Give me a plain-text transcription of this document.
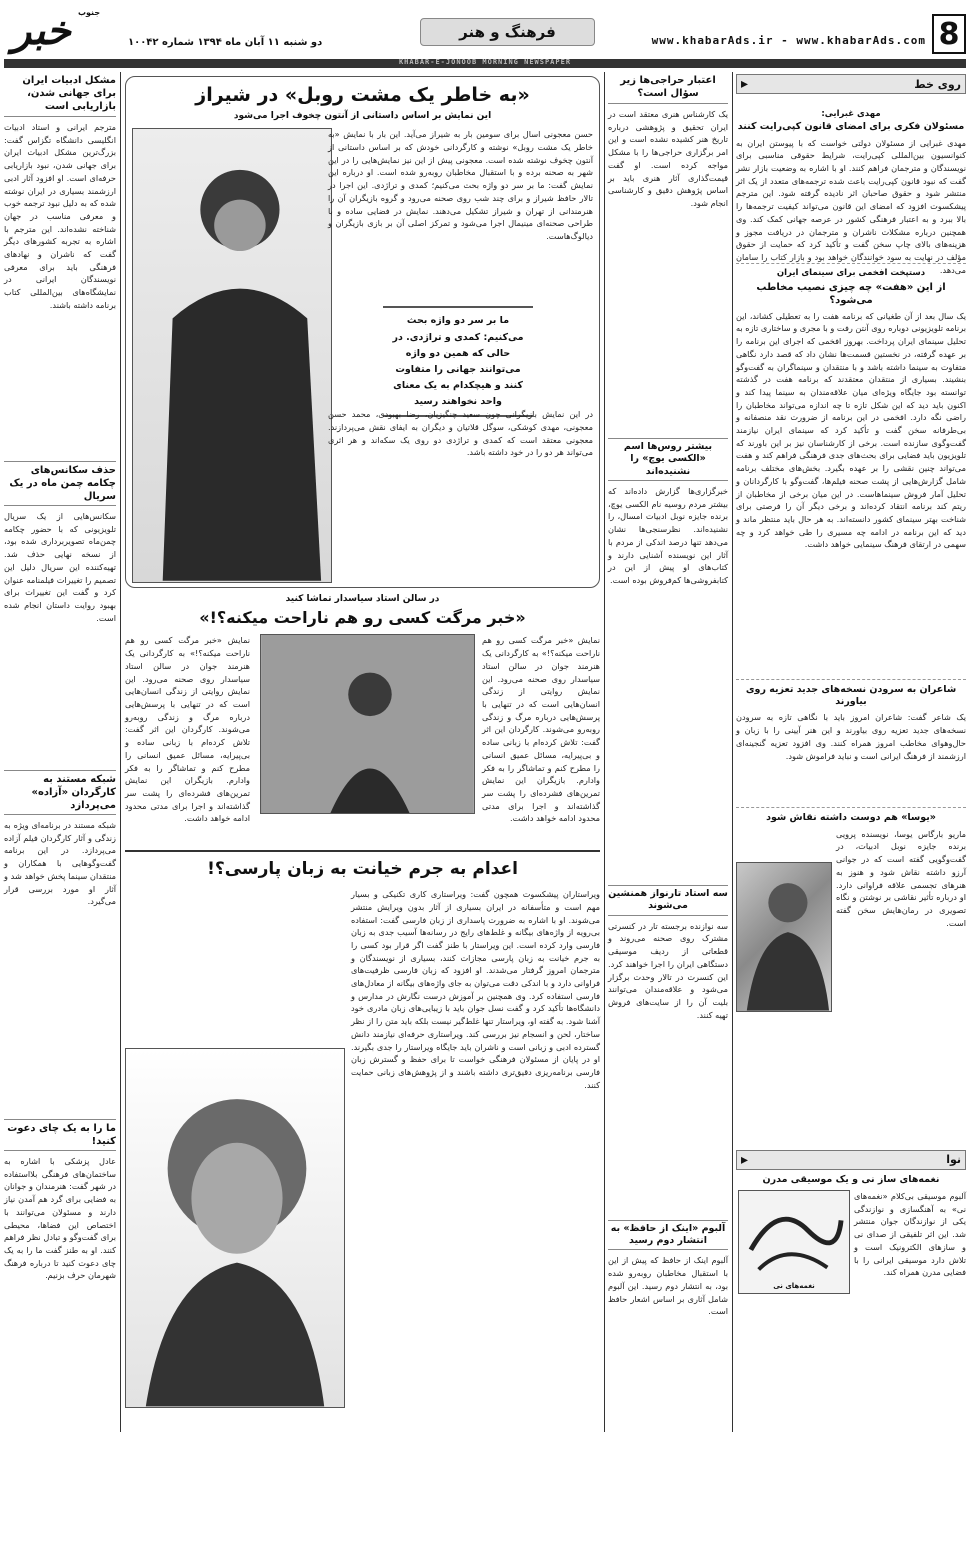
8
www.khabarAds.ir - www.khabarAds.com
فرهنگ و هنر
خبر جنوب
دو شنبه ۱۱ آبان ماه ۱۳۹۴ شماره ۱۰۰۴۲
KHABAR-E-JONOOB MORNING NEWSPAPER
روی خط
▸
مهدی غبرایی:
مسئولان فکری برای امضای قانون کپی‌رایت کنند
مهدی غبرایی از مسئولان دولتی خواست که با پیوستن ایران به کنوانسیون بین‌المللی کپی‌رایت، شرایط حقوقی مناسبی برای نویسندگان و مترجمان فراهم کنند. او با اشاره به وضعیت بازار نشر گفت که نبود قانون کپی‌رایت باعث شده ترجمه‌های متعدد از یک اثر منتشر شود و حقوق صاحبان اثر نادیده گرفته شود. این مترجم پیشکسوت افزود که امضای این قانون می‌تواند کیفیت ترجمه‌ها را بالا ببرد و به اعتبار فرهنگی کشور در عرصه جهانی کمک کند. وی همچنین درباره مشکلات ناشران و مترجمان در دریافت مجوز و هزینه‌های بالای چاپ سخن گفت و تأکید کرد که حمایت از حقوق مؤلف در نهایت به سود خوانندگان خواهد بود و بازار کتاب را سامان می‌دهد.
دستپخت افخمی برای سینمای ایران
از این «هفت» چه چیزی نصیب مخاطب می‌شود؟
یک سال بعد از آن طغیانی که برنامه هفت را به تعطیلی کشاند، این برنامه تلویزیونی دوباره روی آنتن رفت و با مجری و ساختاری تازه به تحلیل سینمای ایران پرداخت. بهروز افخمی که اجرای این برنامه را بر عهده گرفته، در نخستین قسمت‌ها نشان داد که قصد دارد نگاهی متفاوت به سینما داشته باشد و با منتقدان و سینماگران به گفت‌وگو بنشیند. بسیاری از منتقدان معتقدند که برنامه هفت در گذشته توانسته بود جایگاه ویژه‌ای میان علاقه‌مندان به سینما پیدا کند و اکنون باید دید که این شکل تازه تا چه اندازه می‌تواند مخاطبان را راضی نگه دارد. افخمی در این برنامه از ضرورت نقد منصفانه و بی‌طرفانه سخن گفت و تأکید کرد که سینمای ایران نیازمند گفت‌وگوی سازنده است. برخی از کارشناسان نیز بر این باورند که تلویزیون باید فضایی برای بحث‌های جدی فرهنگی فراهم کند و هفت می‌تواند چنین نقشی را بر عهده بگیرد. بخش‌های مختلف برنامه شامل گزارش‌هایی از پشت صحنه فیلم‌ها، گفت‌وگو با کارگردانان و تحلیل آمار فروش سینماهاست. در این میان برخی از مخاطبان از ریتم کند برنامه انتقاد کرده‌اند و برخی دیگر آن را فرصتی برای شناخت بهتر سینمای کشور دانسته‌اند. به هر حال باید منتظر ماند و دید که این برنامه در ادامه چه مسیری را طی خواهد کرد و چه سهمی در ارتقای فرهنگ سینمایی خواهد داشت.
شاعران به سرودن نسخه‌های جدید تعزیه روی بیاورند
یک شاعر گفت: شاعران امروز باید با نگاهی تازه به سرودن نسخه‌های جدید تعزیه روی بیاورند و این هنر آیینی را با زبان و حال‌وهوای مخاطب امروز همراه کنند. وی افزود تعزیه گنجینه‌ای ارزشمند از فرهنگ ایرانی است و نباید فراموش شود.
«یوسا» هم دوست داشته نقاش شود
ماریو بارگاس یوسا، نویسنده پرویی برنده جایزه نوبل ادبیات، در گفت‌وگویی گفته است که در جوانی آرزو داشته نقاش شود و هنوز به هنرهای تجسمی علاقه فراوانی دارد. او درباره تأثیر نقاشی بر نوشتن و نگاه تصویری در رمان‌هایش سخن گفته است.
نوا
▸
نغمه‌های ساز نی و یک موسیقی مدرن
نغمه‌های نی
آلبوم موسیقی بی‌کلام «نغمه‌های نی» به آهنگسازی و نوازندگی یکی از نوازندگان جوان منتشر شد. این اثر تلفیقی از صدای نی و سازهای الکترونیک است و تلاش دارد موسیقی ایرانی را با فضایی مدرن همراه کند.
اعتبار حراجی‌ها زیر سؤال است؟
یک کارشناس هنری معتقد است در ایران تحقیق و پژوهشی درباره تاریخ هنر کشیده نشده است و این امر برگزاری حراجی‌ها را با مشکل مواجه کرده است. او گفت قیمت‌گذاری آثار هنری باید بر اساس پژوهش دقیق و کارشناسی انجام شود.
بیشتر روس‌ها اسم «الکسی یوچ» را نشنیده‌اند
خبرگزاری‌ها گزارش داده‌اند که بیشتر مردم روسیه نام الکسی یوچ، برنده جایزه نوبل ادبیات امسال، را نشنیده‌اند. نظرسنجی‌ها نشان می‌دهد تنها درصد اندکی از مردم با آثار این نویسنده آشنایی دارند و کتاب‌های او پیش از این در کتابفروشی‌ها کم‌فروش بوده است.
سه استاد تارنواز همنشین می‌شوند
سه نوازنده برجسته تار در کنسرتی مشترک روی صحنه می‌روند و قطعاتی از ردیف موسیقی دستگاهی ایران را اجرا خواهند کرد. این کنسرت در تالار وحدت برگزار می‌شود و علاقه‌مندان می‌توانند بلیت آن را از سایت‌های فروش تهیه کنند.
آلبوم «اینک از حافظ» به انتشار دوم رسید
آلبوم اینک از حافظ که پیش از این با استقبال مخاطبان روبه‌رو شده بود، به انتشار دوم رسید. این آلبوم شامل آثاری بر اساس اشعار حافظ است.
«به خاطر یک مشت روبل» در شیراز
این نمایش بر اساس داستانی از آنتون چخوف اجرا می‌شود
حسن معجونی اسال برای سومین بار به شیراز می‌آید. این بار با نمایش «به خاطر یک مشت روبل» نوشته و کارگردانی خودش که بر اساس داستانی از آنتون چخوف نوشته شده است. معجونی پیش از این نیز نمایش‌هایی را در این شهر به صحنه برده و با استقبال مخاطبان روبه‌رو شده است. او درباره این نمایش گفت: ما بر سر دو واژه بحث می‌کنیم؛ کمدی و تراژدی. این اجرا در تالار حافظ شیراز و برای چند شب روی صحنه می‌رود و گروه بازیگران آن را هنرمندانی از تهران و شیراز تشکیل می‌دهند. نمایش در فضایی ساده و با طراحی صحنه‌ای مینیمال اجرا می‌شود و تمرکز اصلی آن بر بازی بازیگران و دیالوگ‌هاست.
ما بر سر دو واژه بحث می‌کنیم: کمدی و تراژدی. در حالی که همین دو واژه می‌توانند جهانی را متفاوت کنند و هیچکدام به یک معنای واحد نخواهند رسید
در این نمایش بازیگرانی چون سعید چنگیزیان، رضا بهبودی، محمد حسن معجونی، مهدی کوشکی، سوگل قلاتیان و دیگران به ایفای نقش می‌پردازند. معجونی معتقد است که کمدی و تراژدی دو روی یک سکه‌اند و هر اثری می‌تواند هر دو را در خود داشته باشد.
در سالن استاد سیاسدار تماشا کنید
«خبر مرگت کسی رو هم ناراحت میکنه؟!»
نمایش «خبر مرگت کسی رو هم ناراحت میکنه؟!» به کارگردانی یک هنرمند جوان در سالن استاد سیاسدار روی صحنه می‌رود. این نمایش روایتی از زندگی انسان‌هایی است که در تنهایی با پرسش‌هایی درباره مرگ و زندگی روبه‌رو می‌شوند. کارگردان این اثر گفت: تلاش کرده‌ام با زبانی ساده و بی‌پیرایه، مسائل عمیق انسانی را مطرح کنم و تماشاگر را به فکر وادارم. بازیگران این نمایش تمرین‌های فشرده‌ای را پشت سر گذاشته‌اند و اجرا برای مدتی محدود ادامه خواهد داشت.
نمایش «خبر مرگت کسی رو هم ناراحت میکنه؟!» به کارگردانی یک هنرمند جوان در سالن استاد سیاسدار روی صحنه می‌رود. این نمایش روایتی از زندگی انسان‌هایی است که در تنهایی با پرسش‌هایی درباره مرگ و زندگی روبه‌رو می‌شوند. کارگردان این اثر گفت: تلاش کرده‌ام با زبانی ساده و بی‌پیرایه، مسائل عمیق انسانی را مطرح کنم و تماشاگر را به فکر وادارم. بازیگران این نمایش تمرین‌های فشرده‌ای را پشت سر گذاشته‌اند و اجرا برای مدتی محدود ادامه خواهد داشت.
اعدام به جرم خیانت به زبان پارسی؟!
ویراستاران پیشکسوت همچون گفت: ویراستاری کاری تکنیکی و بسیار مهم است و متأسفانه در ایران بسیاری از آثار بدون ویرایش منتشر می‌شوند. او با اشاره به ضرورت پاسداری از زبان فارسی گفت: استفاده بی‌رویه از واژه‌های بیگانه و غلط‌های رایج در رسانه‌ها آسیب جدی به زبان فارسی وارد کرده است. این ویراستار با طنز گفت اگر قرار بود کسی را به جرم خیانت به زبان پارسی مجازات کنند، بسیاری از نویسندگان و مترجمان امروز گرفتار می‌شدند. او افزود که زبان فارسی ظرفیت‌های فراوانی دارد و با اندکی دقت می‌توان به جای واژه‌های بیگانه از معادل‌های فارسی استفاده کرد. وی همچنین بر آموزش درست نگارش در مدارس و دانشگاه‌ها تأکید کرد و گفت نسل جوان باید با زیبایی‌های زبان مادری خود آشنا شود. به گفته او، ویراستار تنها غلط‌گیر نیست بلکه باید متن را از نظر ساختار، لحن و انسجام نیز بررسی کند. ویراستاری حرفه‌ای نیازمند دانش گسترده ادبی و زبانی است و ناشران باید جایگاه ویراستار را جدی بگیرند. او در پایان از مسئولان فرهنگی خواست تا برای حفظ و گسترش زبان فارسی برنامه‌ریزی دقیق‌تری داشته باشند و از پژوهش‌های زبانی حمایت کنند.
مشکل ادبیات ایران برای جهانی شدن، بازاریابی است
مترجم ایرانی و استاد ادبیات انگلیسی دانشگاه تگزاس گفت: بزرگ‌ترین مشکل ادبیات ایران برای جهانی شدن، نبود بازاریابی حرفه‌ای است. او افزود آثار ادبی ارزشمند بسیاری در ایران نوشته شده که به دلیل نبود ترجمه خوب و معرفی مناسب در جهان شناخته نشده‌اند. این مترجم با اشاره به تجربه کشورهای دیگر گفت که ناشران و نهادهای فرهنگی باید برای معرفی نویسندگان ایرانی در نمایشگاه‌های بین‌المللی کتاب برنامه داشته باشند.
حذف سکانس‌های چکامه چمن ماه در یک سریال
سکانس‌هایی از یک سریال تلویزیونی که با حضور چکامه چمن‌ماه تصویربرداری شده بود، از نسخه نهایی حذف شد. تهیه‌کننده این سریال دلیل این تصمیم را تغییرات فیلمنامه عنوان کرد و گفت این تغییرات برای بهبود روایت داستان انجام شده است.
شبکه مستند به کارگردان «آزاده» می‌پردازد
شبکه مستند در برنامه‌ای ویژه به زندگی و آثار کارگردان فیلم آزاده می‌پردازد. در این برنامه گفت‌وگوهایی با همکاران و منتقدان سینما پخش خواهد شد و آثار او مورد بررسی قرار می‌گیرد.
ما را به یک چای دعوت کنید!
عادل پزشکی با اشاره به ساختمان‌های فرهنگی بلااستفاده در شهر گفت: هنرمندان و جوانان به فضایی برای گرد هم آمدن نیاز دارند و مسئولان می‌توانند با اختصاص این فضاها، محیطی برای گفت‌وگو و تبادل نظر فراهم کنند. او به طنز گفت ما را به یک چای دعوت کنید تا درباره فرهنگ شهرمان حرف بزنیم.
